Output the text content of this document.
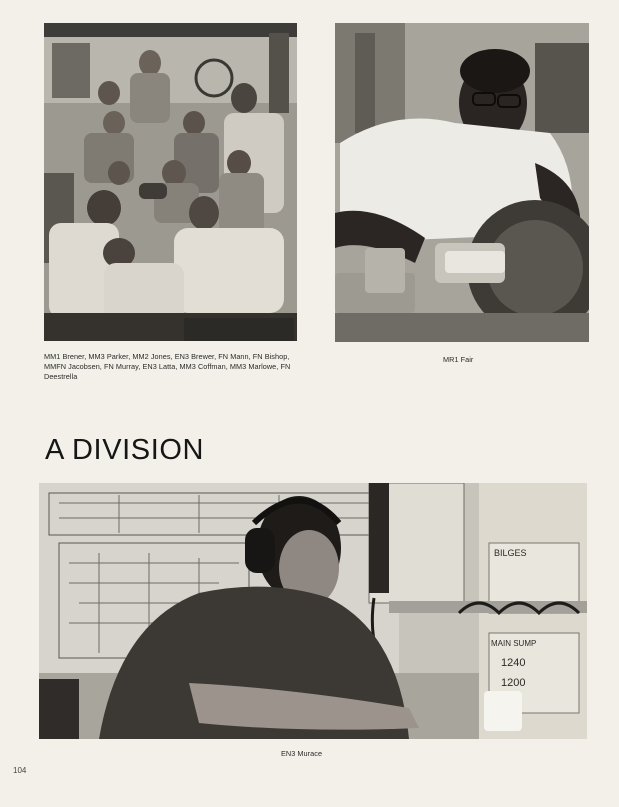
MM1 Brener, MM3 Parker, MM2 Jones, EN3 Brewer, FN Mann, FN Bishop, MMFN Jacobsen, FN Murray, EN3 Latta, MM3 Coffman, MM3 Marlowe, FN Deestrella
MR1 Fair
A DIVISION
BILGES
MAIN SUMP
1240
1200
EN3 Murace
104
